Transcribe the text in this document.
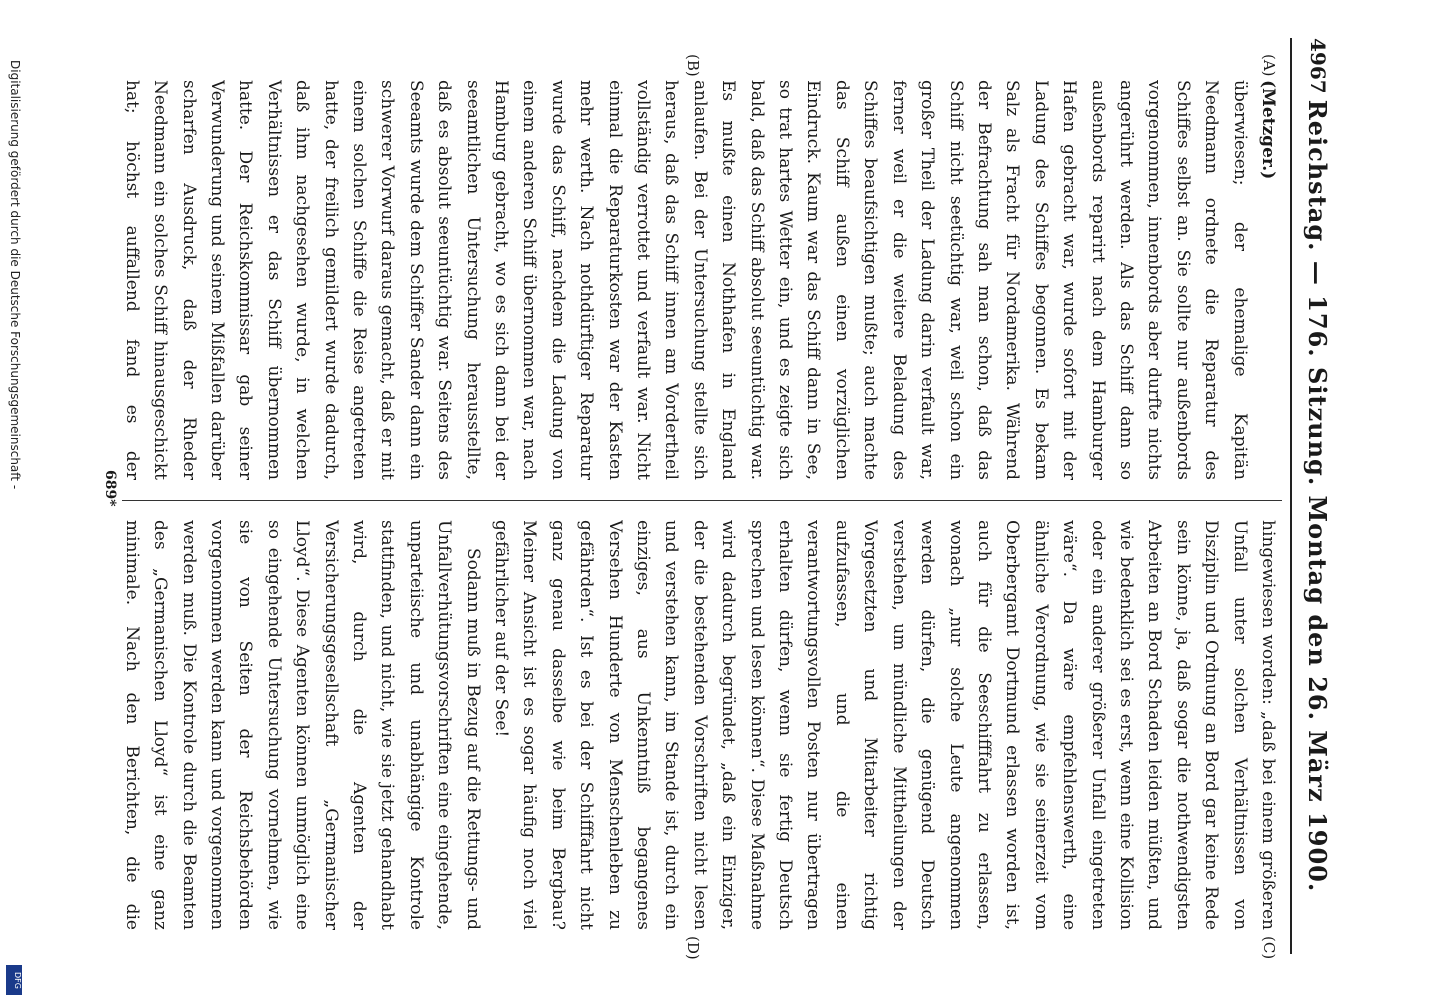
4967
Reichstag. — 176. Sitzung. Montag den 26. März 1900.
(A)
(B)
(C)
(D)
(Metzger.)

überwiesen; der ehemalige Kapitän Needmann ordnete die Reparatur des Schiffes selbst an. Sie sollte nur außenbords vorgenommen, innenbords aber durfte nichts angerührt werden. Als das Schiff dann so außenbords reparirt nach dem Hamburger Hafen gebracht war, wurde sofort mit der Ladung des Schiffes begonnen. Es bekam Salz als Fracht für Nordamerika. Während der Befrachtung sah man schon, daß das Schiff nicht seetüchtig war, weil schon ein großer Theil der Ladung darin verfault war, ferner weil er die weitere Beladung des Schiffes beaufsichtigen mußte; auch machte das Schiff außen einen vorzüglichen Eindruck. Kaum war das Schiff dann in See, so trat hartes Wetter ein, und es zeigte sich bald, daß das Schiff absolut seeuntüchtig war. Es mußte einen Nothhafen in England anlaufen. Bei der Untersuchung stellte sich heraus, daß das Schiff innen am Vordertheil vollständig verrottet und verfault war. Nicht einmal die Reparaturkosten war der Kasten mehr werth. Nach nothdürftiger Reparatur wurde das Schiff, nachdem die Ladung von einem anderen Schiff übernommen war, nach Hamburg gebracht, wo es sich dann bei der seeamtlichen Untersuchung herausstellte, daß es absolut seeuntüchtig war. Seitens des Seeamts wurde dem Schiffer Sander dann ein schwerer Vorwurf daraus gemacht, daß er mit einem solchen Schiffe die Reise angetreten hatte, der freilich gemildert wurde dadurch, daß ihm nachgesehen wurde, in welchen Verhältnissen er das Schiff übernommen hatte. Der Reichskommissar gab seiner Verwunderung und seinem Mißfallen darüber scharfen Ausdruck, daß der Rheder Needmann ein solches Schiff hinausgeschickt hat; höchst auffallend fand es der

hingewiesen worden: „daß bei einem größeren Unfall unter solchen Verhältnissen von Disziplin und Ordnung an Bord gar keine Rede sein könne, ja, daß sogar die nothwendigsten Arbeiten an Bord Schaden leiden müßten, und wie bedenklich sei es erst, wenn eine Kollision oder ein anderer größerer Unfall eingetreten wäre“. Da wäre empfehlenswerth, eine ähnliche Verordnung, wie sie seinerzeit vom Oberbergamt Dortmund erlassen worden ist, auch für die Seeschifffahrt zu erlassen, wonach „nur solche Leute angenommen werden dürfen, die genügend Deutsch verstehen, um mündliche Mittheilungen der Vorgesetzten und Mitarbeiter richtig aufzufassen, und die einen verantwortungsvollen Posten nur übertragen erhalten dürfen, wenn sie fertig Deutsch sprechen und lesen können“. Diese Maßnahme wird dadurch begründet, „daß ein Einziger, der die bestehenden Vorschriften nicht lesen und verstehen kann, im Stande ist, durch ein einziges, aus Unkenntniß begangenes Versehen Hunderte von Menschenleben zu gefährden“. Ist es bei der Schifffahrt nicht ganz genau dasselbe wie beim Bergbau? Meiner Ansicht ist es sogar häufig noch viel gefährlicher auf der See!

Sodann muß in Bezug auf die Rettungs- und Unfallverhütungsvorschriften eine eingehende, unparteiische und unabhängige Kontrole stattfinden, und nicht, wie sie jetzt gehandhabt wird, durch die Agenten der Versicherungsgesellschaft „Germanischer Lloyd“. Diese Agenten können unmöglich eine so eingehende Untersuchung vornehmen, wie sie von Seiten der Reichsbehörden vorgenommen werden kann und vorgenommen werden muß. Die Kontrole durch die Beamten des „Germanischen Lloyd“ ist eine ganz minimale. Nach den Berichten, die die

689*
Digitalisierung gefördert durch die Deutsche Forschungsgemeinschaft -
DFG
